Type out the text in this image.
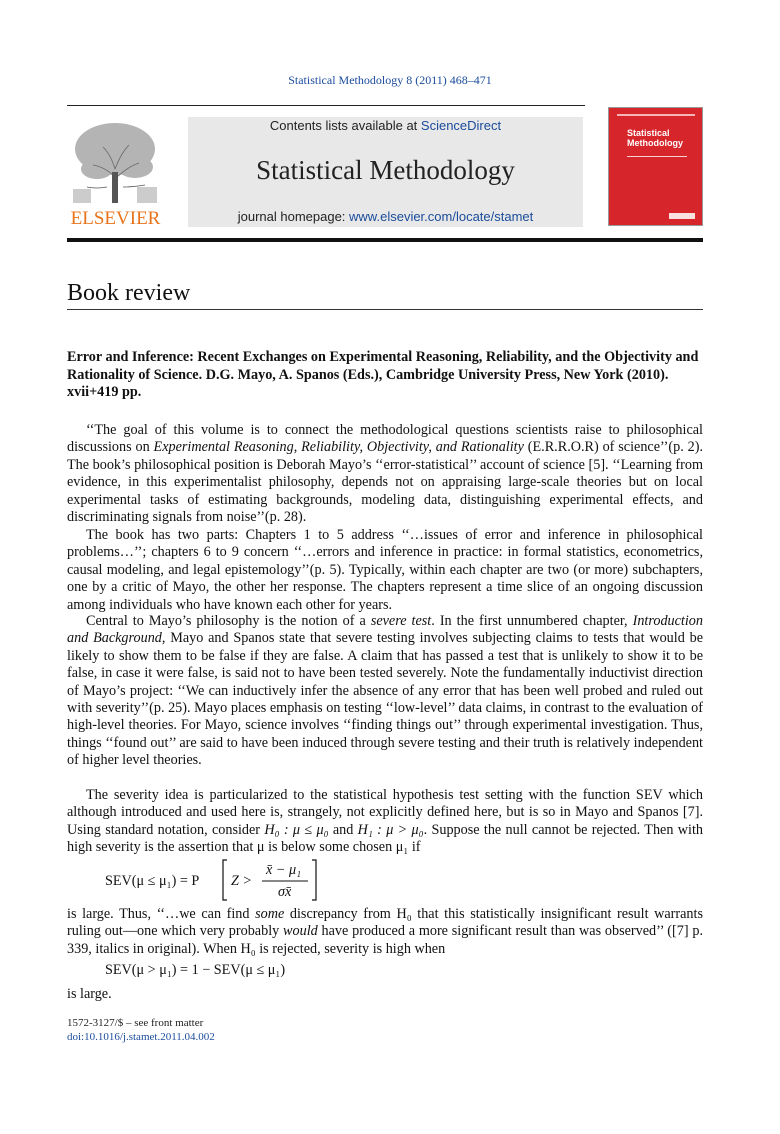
Statistical Methodology 8 (2011) 468–471
ELSEVIER
Contents lists available at ScienceDirect
Statistical Methodology
journal homepage: www.elsevier.com/locate/stamet
Statistical Methodology
Book review
Error and Inference: Recent Exchanges on Experimental Reasoning, Reliability, and the Objectivity and Rationality of Science. D.G. Mayo, A. Spanos (Eds.), Cambridge University Press, New York (2010). xvii+419 pp.
‘‘The goal of this volume is to connect the methodological questions scientists raise to philosophical discussions on Experimental Reasoning, Reliability, Objectivity, and Rationality (E.R.R.O.R) of science’’(p. 2). The book’s philosophical position is Deborah Mayo’s ‘‘error-statistical’’ account of science [5]. ‘‘Learning from evidence, in this experimentalist philosophy, depends not on appraising large-scale theories but on local experimental tasks of estimating backgrounds, modeling data, distinguishing experimental effects, and discriminating signals from noise’’(p. 28).
The book has two parts: Chapters 1 to 5 address ‘‘…issues of error and inference in philosophical problems…’’; chapters 6 to 9 concern ‘‘…errors and inference in practice: in formal statistics, econometrics, causal modeling, and legal epistemology’’(p. 5). Typically, within each chapter are two (or more) subchapters, one by a critic of Mayo, the other her response. The chapters represent a time slice of an ongoing discussion among individuals who have known each other for years.
Central to Mayo’s philosophy is the notion of a severe test. In the first unnumbered chapter, Introduction and Background, Mayo and Spanos state that severe testing involves subjecting claims to tests that would be likely to show them to be false if they are false. A claim that has passed a test that is unlikely to show it to be false, in case it were false, is said not to have been tested severely. Note the fundamentally inductivist direction of Mayo’s project: ‘‘We can inductively infer the absence of any error that has been well probed and ruled out with severity’’(p. 25). Mayo places emphasis on testing ‘‘low-level’’ data claims, in contrast to the evaluation of high-level theories. For Mayo, science involves ‘‘finding things out’’ through experimental investigation. Thus, things ‘‘found out’’ are said to have been induced through severe testing and their truth is relatively independent of higher level theories.
The severity idea is particularized to the statistical hypothesis test setting with the function SEV which although introduced and used here is, strangely, not explicitly defined here, but is so in Mayo and Spanos [7]. Using standard notation, consider H₀ : μ ≤ μ₀ and H₁ : μ > μ₀. Suppose the null cannot be rejected. Then with high severity is the assertion that μ is below some chosen μ₁ if
SEV(μ ≤ μ₁) = P Z >
x̄ − μ₁
σx̄
is large. Thus, ‘‘…we can find some discrepancy from H₀ that this statistically insignificant result warrants ruling out—one which very probably would have produced a more significant result than was observed’’ ([7] p. 339, italics in original). When H₀ is rejected, severity is high when
SEV(μ > μ₁) = 1 − SEV(μ ≤ μ₁)
is large.
1572-3127/$ – see front matter
doi:10.1016/j.stamet.2011.04.002
